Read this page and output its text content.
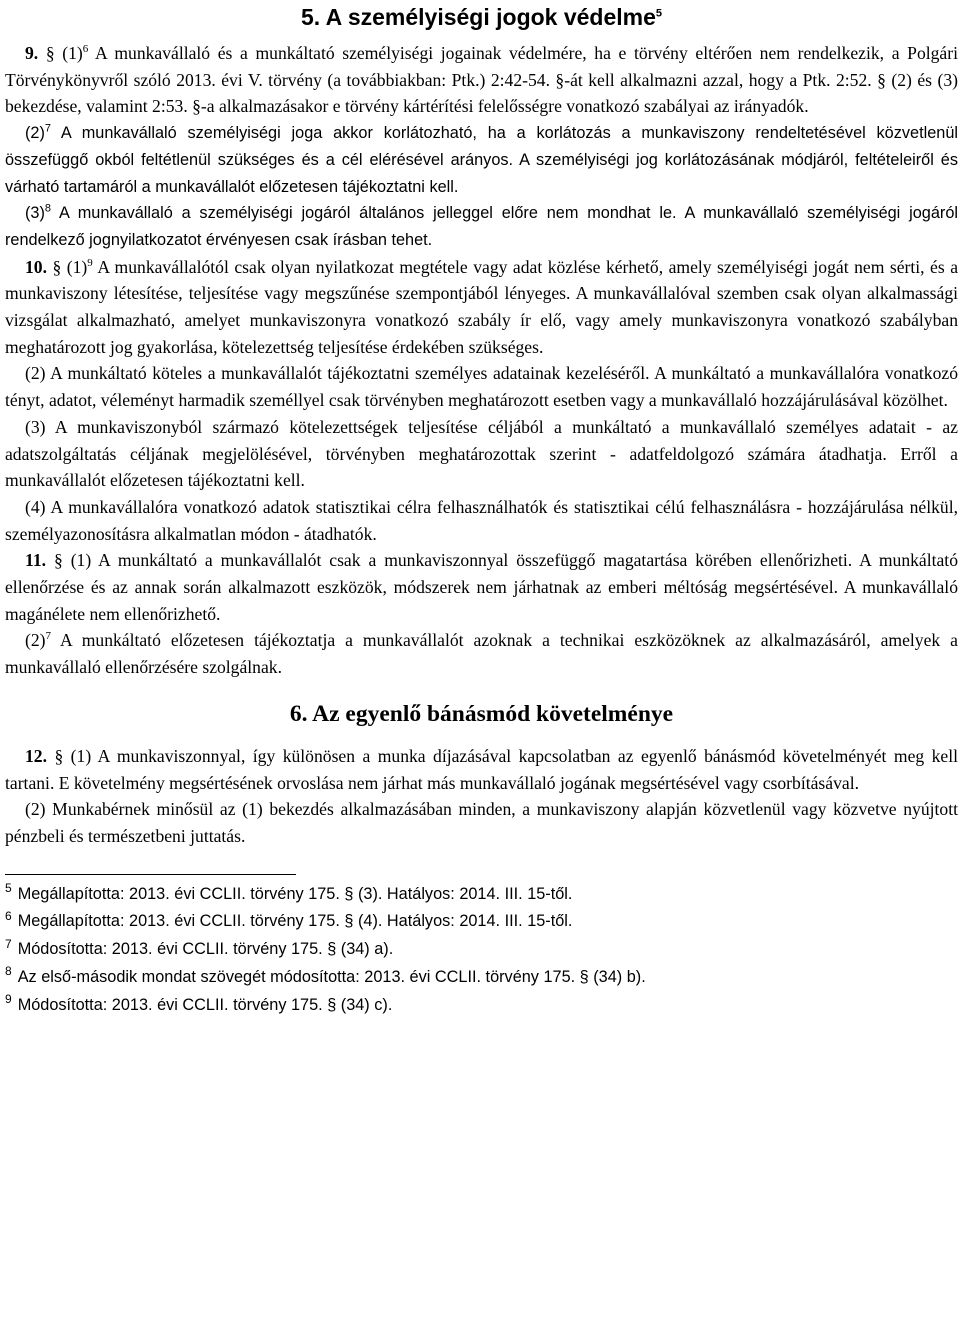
5. A személyiségi jogok védelme$^5$

9. § $(1)^6$ A munkavállaló és a munkáltató személyiségi jogainak védelmére, ha e törvény eltérően nem rendelkezik, a Polgári Törvénykönyvről szóló 2013. évi V. törvény (a továbbiakban: Ptk.) 2:42-54. §-át kell alkalmazni azzal, hogy a Ptk. 2:52. § (2) és (3) bekezdése, valamint 2:53. §-a alkalmazásakor e törvény kártérítési felelősségre vonatkozó szabályai az irányadók.

$(2)^7$ A munkavállaló személyiségi joga akkor korlátozható, ha a korlátozás a munkaviszony rendeltetésével közvetlenül összefüggő okból feltétlenül szükséges és a cél elérésével arányos. A személyiségi jog korlátozásának módjáról, feltételeiről és várható tartamáról a munkavállalót előzetesen tájékoztatni kell.

$(3)^8$ A munkavállaló a személyiségi jogáról általános jelleggel előre nem mondhat le. A munkavállaló személyiségi jogáról rendelkező jognyilatkozatot érvényesen csak írásban tehet.

10. § $(1)^9$ A munkavállalótól csak olyan nyilatkozat megtétele vagy adat közlése kérhető, amely személyiségi jogát nem sérti, és a munkaviszony létesítése, teljesítése vagy megszűnése szempontjából lényeges. A munkavállalóval szemben csak olyan alkalmassági vizsgálat alkalmazható, amelyet munkaviszonyra vonatkozó szabály ír elő, vagy amely munkaviszonyra vonatkozó szabályban meghatározott jog gyakorlása, kötelezettség teljesítése érdekében szükséges.

(2) A munkáltató köteles a munkavállalót tájékoztatni személyes adatainak kezeléséről. A munkáltató a munkavállalóra vonatkozó tényt, adatot, véleményt harmadik személlyel csak törvényben meghatározott esetben vagy a munkavállaló hozzájárulásával közölhet.

(3) A munkaviszonyból származó kötelezettségek teljesítése céljából a munkáltató a munkavállaló személyes adatait - az adatszolgáltatás céljának megjelölésével, törvényben meghatározottak szerint - adatfeldolgozó számára átadhatja. Erről a munkavállalót előzetesen tájékoztatni kell.

(4) A munkavállalóra vonatkozó adatok statisztikai célra felhasználhatók és statisztikai célú felhasználásra - hozzájárulása nélkül, személyazonosításra alkalmatlan módon - átadhatók.

11. § (1) A munkáltató a munkavállalót csak a munkaviszonnyal összefüggő magatartása körében ellenőrizheti. A munkáltató ellenőrzése és az annak során alkalmazott eszközök, módszerek nem járhatnak az emberi méltóság megsértésével. A munkavállaló magánélete nem ellenőrizhető.

$(2)^7$ A munkáltató előzetesen tájékoztatja a munkavállalót azoknak a technikai eszközöknek az alkalmazásáról, amelyek a munkavállaló ellenőrzésére szolgálnak.

6. Az egyenlő bánásmód követelménye

12. § (1) A munkaviszonnyal, így különösen a munka díjazásával kapcsolatban az egyenlő bánásmód követelményét meg kell tartani. E követelmény megsértésének orvoslása nem járhat más munkavállaló jogának megsértésével vagy csorbításával.

(2) Munkabérnek minősül az (1) bekezdés alkalmazásában minden, a munkaviszony alapján közvetlenül vagy közvetve nyújtott pénzbeli és természetbeni juttatás.

$^5$ Megállapította: 2013. évi CCLII. törvény 175. § (3). Hatályos: 2014. III. 15-től.

$^6$ Megállapította: 2013. évi CCLII. törvény 175. § (4). Hatályos: 2014. III. 15-től.

$^7$ Módosította: 2013. évi CCLII. törvény 175. § (34) a).

$^8$ Az első-második mondat szövegét módosította: 2013. évi CCLII. törvény 175. § (34) b).

$^9$ Módosította: 2013. évi CCLII. törvény 175. § (34) c).
